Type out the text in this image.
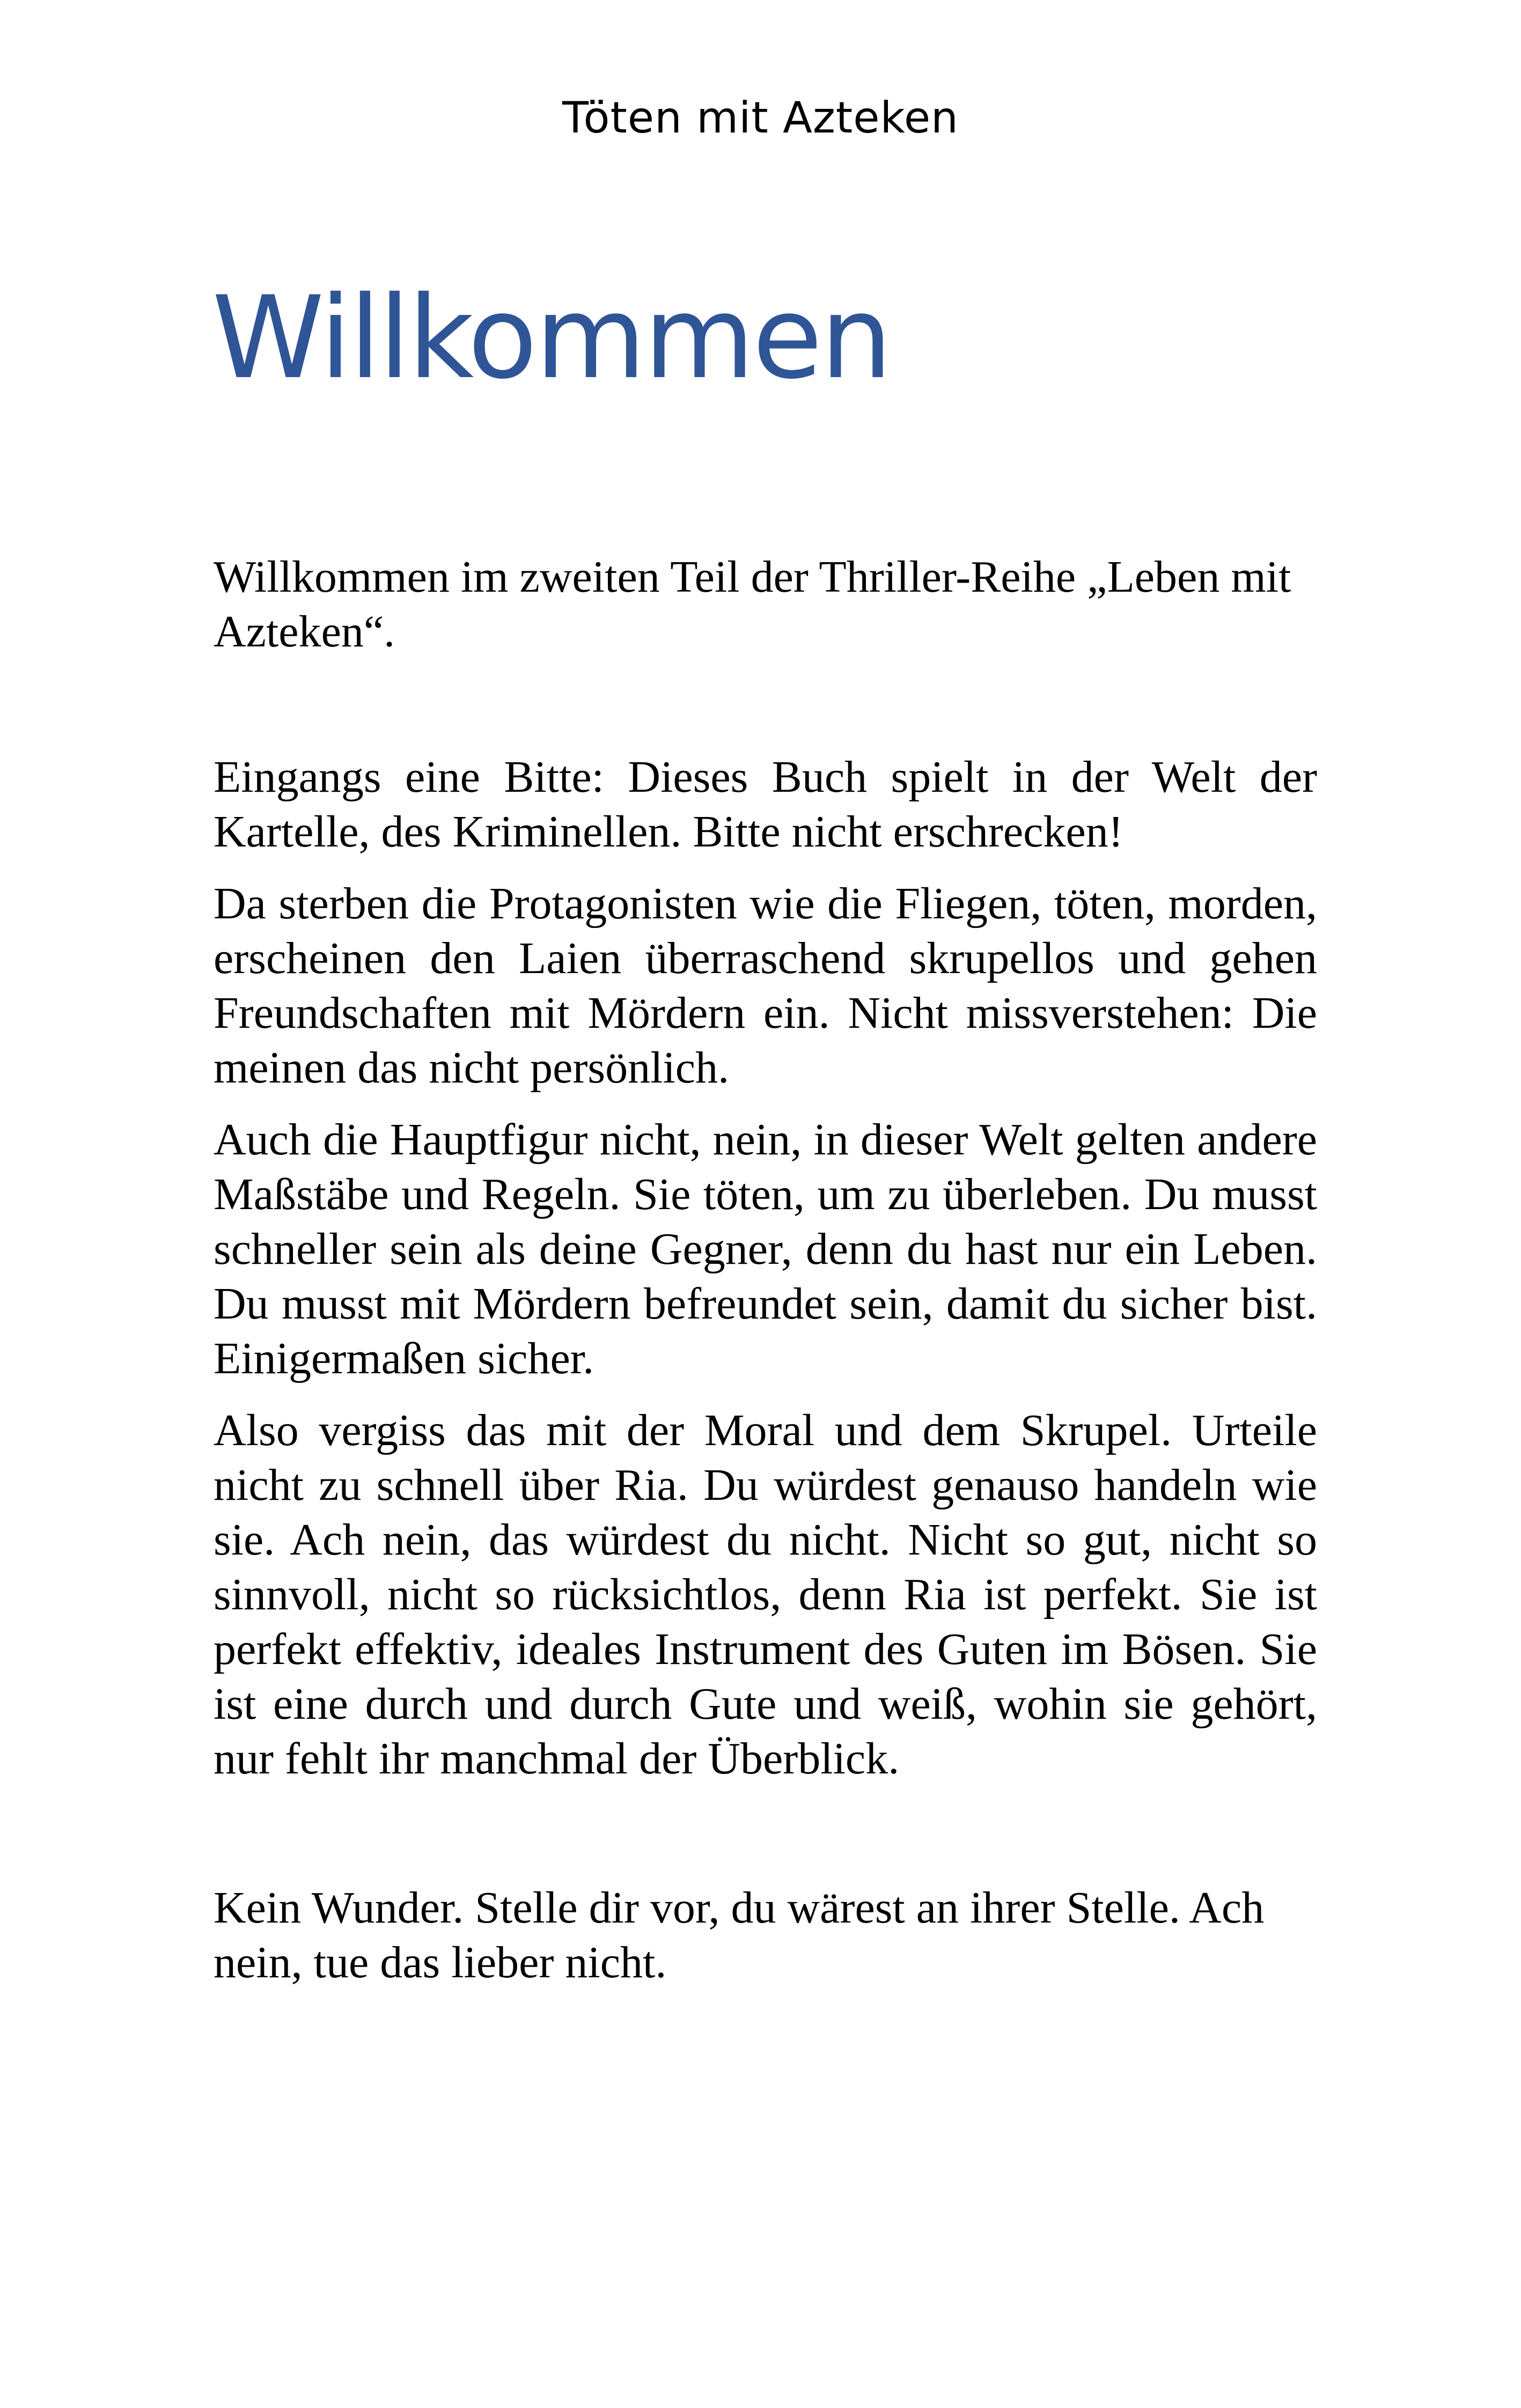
Töten mit Azteken
Willkommen

Willkommen im zweiten Teil der Thriller-Reihe „Leben mit Azteken“.

Eingangs eine Bitte: Dieses Buch spielt in der Welt der Kartelle, des Kriminellen. Bitte nicht erschrecken!

Da sterben die Protagonisten wie die Fliegen, töten, morden, erscheinen den Laien überraschend skrupellos und gehen Freundschaften mit Mördern ein. Nicht missverstehen: Die meinen das nicht persönlich.

Auch die Hauptfigur nicht, nein, in dieser Welt gelten andere Maßstäbe und Regeln. Sie töten, um zu überleben. Du musst schneller sein als deine Gegner, denn du hast nur ein Leben. Du musst mit Mördern befreundet sein, damit du sicher bist. Einigermaßen sicher.

Also vergiss das mit der Moral und dem Skrupel. Urteile nicht zu schnell über Ria. Du würdest genauso handeln wie sie. Ach nein, das würdest du nicht. Nicht so gut, nicht so sinnvoll, nicht so rücksichtlos, denn Ria ist perfekt. Sie ist perfekt effektiv, ideales Instrument des Guten im Bösen. Sie ist eine durch und durch Gute und weiß, wohin sie gehört, nur fehlt ihr manchmal der Überblick.

Kein Wunder. Stelle dir vor, du wärest an ihrer Stelle. Ach nein, tue das lieber nicht.
